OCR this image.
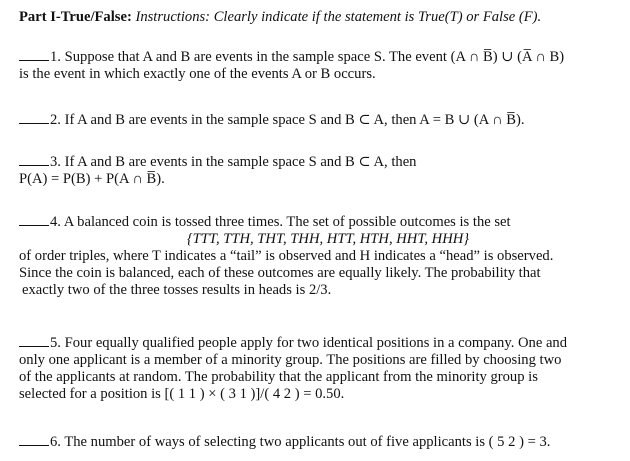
Part I-True/False: Instructions: Clearly indicate if the statement is True(T) or False (F).
1. Suppose that A and B are events in the sample space S. The event (A ∩ B̅) ∪ (A̅ ∩ B)
is the event in which exactly one of the events A or B occurs.
2. If A and B are events in the sample space S and B ⊂ A, then A = B ∪ (A ∩ B̅).
3. If A and B are events in the sample space S and B ⊂ A, then
P(A) = P(B) + P(A ∩ B̅).
4. A balanced coin is tossed three times. The set of possible outcomes is the set
{TTT, TTH, THT, THH, HTT, HTH, HHT, HHH}
of order triples, where T indicates a “tail” is observed and H indicates a “head” is observed.
Since the coin is balanced, each of these outcomes are equally likely. The probability that
exactly two of the three tosses results in heads is 2/3.
5. Four equally qualified people apply for two identical positions in a company. One and
only one applicant is a member of a minority group. The positions are filled by choosing two
of the applicants at random. The probability that the applicant from the minority group is
selected for a position is [( 1 1 ) × ( 3 1 )]/( 4 2 ) = 0.50.
6. The number of ways of selecting two applicants out of five applicants is ( 5 2 ) = 3.
